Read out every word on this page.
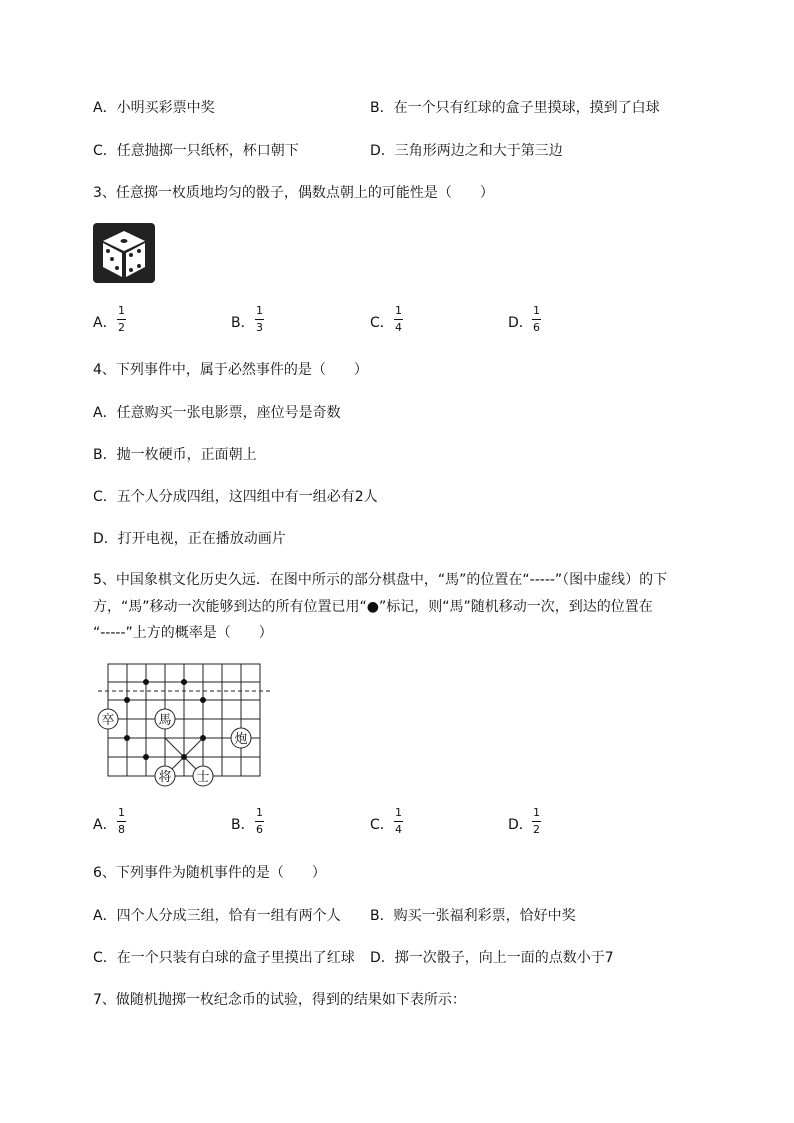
A．小明买彩票中奖	B．在一个只有红球的盒子里摸球，摸到了白球
C．任意抛掷一只纸杯，杯口朝下	D．三角形两边之和大于第三边
3、任意掷一枚质地均匀的骰子，偶数点朝上的可能性是（　　）
A．
1
2	B．
1
3	C．
1
4	D．
1
6
4、下列事件中，属于必然事件的是（　　）
A．任意购买一张电影票，座位号是奇数
B．抛一枚硬币，正面朝上
C．五个人分成四组，这四组中有一组必有2人
D．打开电视，正在播放动画片
5、中国象棋文化历史久远．在图中所示的部分棋盘中，“馬”的位置在“-----”（图中虚线）的下
方，“馬”移动一次能够到达的所有位置已用“●”标记，则“馬”随机移动一次，到达的位置在
“-----”上方的概率是（　　）
卒	馬
炮
将 士
A．
1
8	B．
1
6	C．
1
4	D．
1
2
6、下列事件为随机事件的是（　　）
A．四个人分成三组，恰有一组有两个人 B．购买一张福利彩票，恰好中奖
C．在一个只装有白球的盒子里摸出了红球 D．掷一次骰子，向上一面的点数小于7
7、做随机抛掷一枚纪念币的试验，得到的结果如下表所示：
